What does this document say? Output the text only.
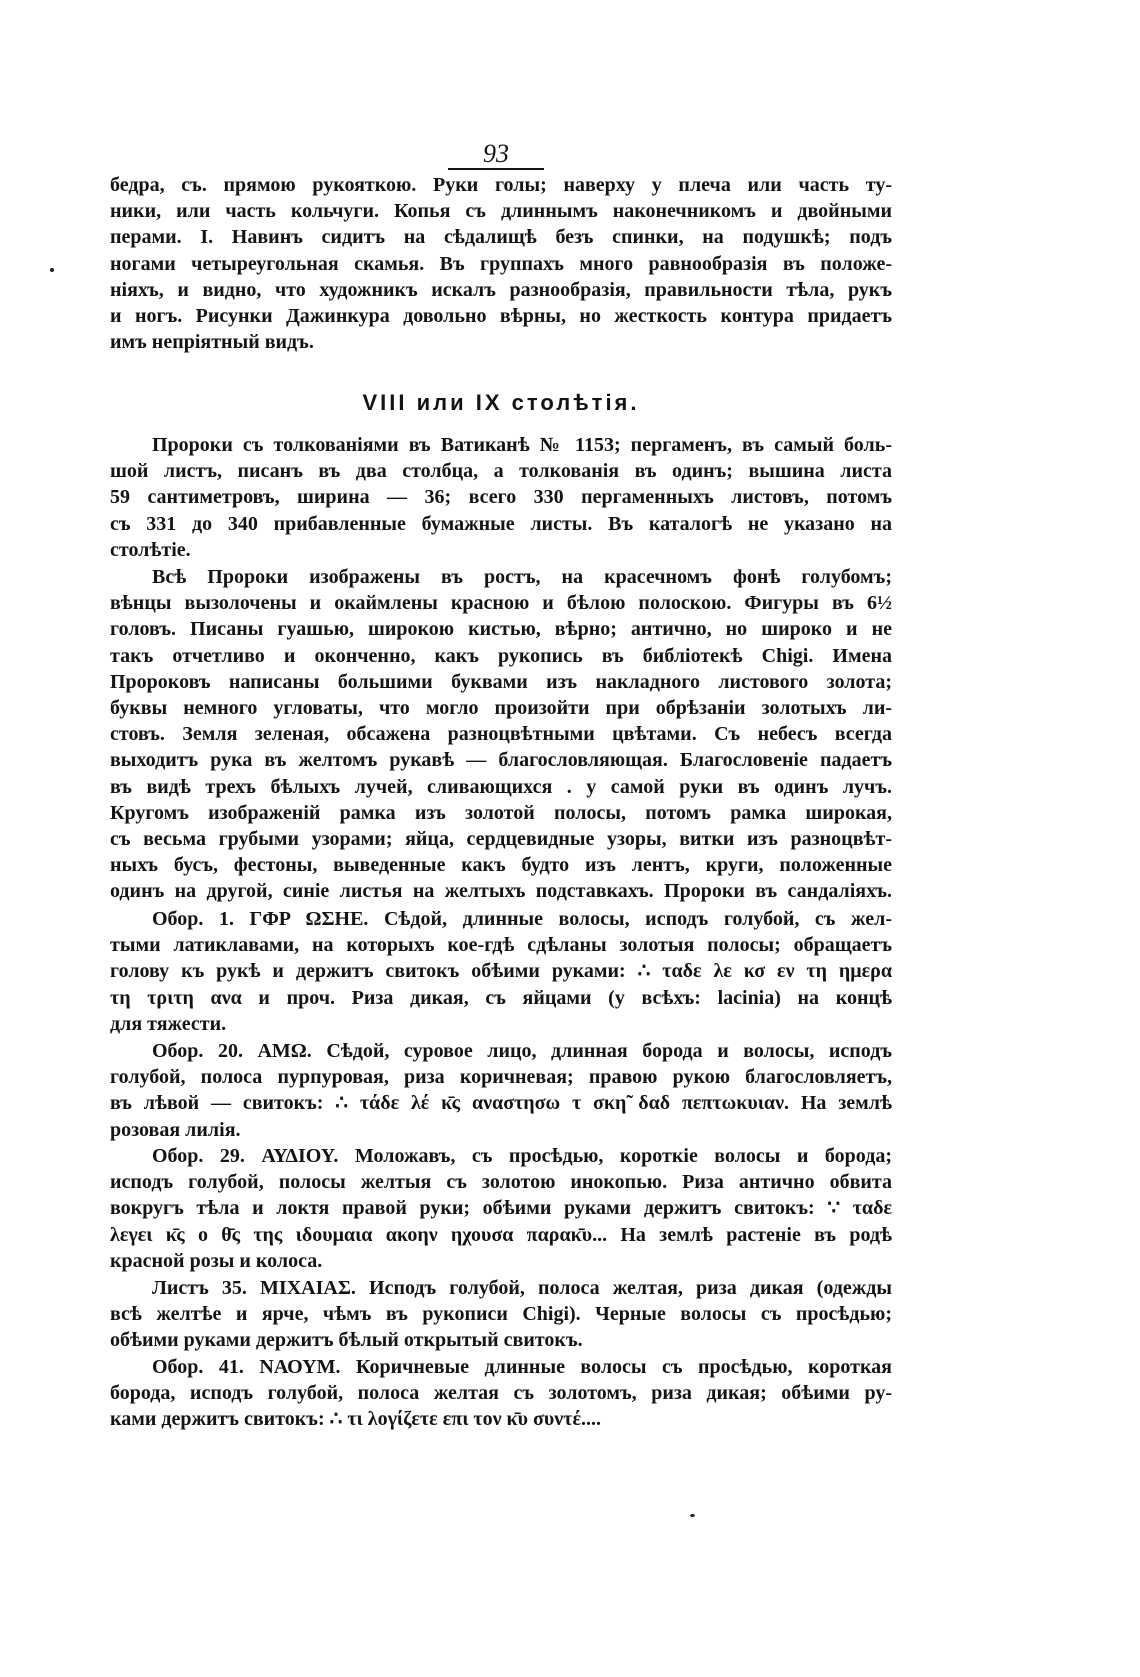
93
бедра, съ. прямою рукояткою. Руки голы; наверху у плеча или часть ту-
ники, или часть кольчуги. Копья съ длиннымъ наконечникомъ и двойными
перами. І. Навинъ сидитъ на сѣдалищѣ безъ спинки, на подушкѣ; подъ
ногами четыреугольная скамья. Въ группахъ много равнообразія въ положе-
ніяхъ, и видно, что художникъ искалъ разнообразія, правильности тѣла, рукъ
и ногъ. Рисунки Дажинкура довольно вѣрны, но жесткость контура придаетъ
имъ непріятный видъ.
VIII или IX столѣтія.
Пророки съ толкованіями въ Ватиканѣ № 1153; пергаменъ, въ самый боль-
шой листъ, писанъ въ два столбца, а толкованія въ одинъ; вышина листа
59 сантиметровъ, ширина — 36; всего 330 пергаменныхъ листовъ, потомъ
съ 331 до 340 прибавленные бумажные листы. Въ каталогѣ не указано на
столѣтіе.
Всѣ Пророки изображены въ ростъ, на красечномъ фонѣ голубомъ;
вѣнцы вызолочены и окаймлены красною и бѣлою полоскою. Фигуры въ 6½
головъ. Писаны гуашью, широкою кистью, вѣрно; антично, но широко и не
такъ отчетливо и оконченно, какъ рукопись въ библіотекѣ Chigi. Имена
Пророковъ написаны большими буквами изъ накладного листового золота;
буквы немного угловаты, что могло произойти при обрѣзаніи золотыхъ ли-
стовъ. Земля зеленая, обсажена разноцвѣтными цвѣтами. Съ небесъ всегда
выходитъ рука въ желтомъ рукавѣ — благословляющая. Благословеніе падаетъ
въ видѣ трехъ бѣлыхъ лучей, сливающихся . у самой руки въ одинъ лучъ.
Кругомъ изображеній рамка изъ золотой полосы, потомъ рамка широкая,
съ весьма грубыми узорами; яйца, сердцевидные узоры, витки изъ разноцвѣт-
ныхъ бусъ, фестоны, выведенные какъ будто изъ лентъ, круги, положенные
одинъ на другой, синіе листья на желтыхъ подставкахъ. Пророки въ сандаліяхъ.
Обор. 1. ΓΦΡ ΩΣΗΕ. Сѣдой, длинные волосы, исподъ голубой, съ жел-
тыми латиклавами, на которыхъ кое-гдѣ сдѣланы золотыя полосы; обращаетъ
голову къ рукѣ и держитъ свитокъ обѣими руками: ∴ ταδε λε κσ εν τη ημερα
τη τριτη ανα и проч. Риза дикая, съ яйцами (у всѣхъ: lacinia) на концѣ
для тяжести.
Обор. 20. ΑΜΩ. Сѣдой, суровое лицо, длинная борода и волосы, исподъ
голубой, полоса пурпуровая, риза коричневая; правою рукою благословляетъ,
въ лѣвой — свитокъ: ∴ τάδε λέ κ̄ς αναστησω τ σκη̃ δαδ πεπτωκυιαν. На землѣ
розовая лилія.
Обор. 29. ΑΥΔΙΟΥ. Моложавъ, съ просѣдью, короткіе волосы и борода;
исподъ голубой, полосы желтыя съ золотою инокопью. Риза антично обвита
вокругъ тѣла и локтя правой руки; обѣими руками держитъ свитокъ: ∵ ταδε
λεγει κ̄ς ο θ̄ς της ιδουμαια ακοην ηχουσα παρακ̄υ... На землѣ растеніе въ родѣ
красной розы и колоса.
Листъ 35. ΜΙΧΑΙΑΣ. Исподъ голубой, полоса желтая, риза дикая (одежды
всѣ желтѣе и ярче, чѣмъ въ рукописи Chigi). Черные волосы съ просѣдью;
обѣими руками держитъ бѣлый открытый свитокъ.
Обор. 41. ΝΑΟΥΜ. Коричневые длинные волосы съ просѣдью, короткая
борода, исподъ голубой, полоса желтая съ золотомъ, риза дикая; обѣими ру-
ками держитъ свитокъ: ∴ τι λογίζετε επι τον κ̄υ συντέ....
